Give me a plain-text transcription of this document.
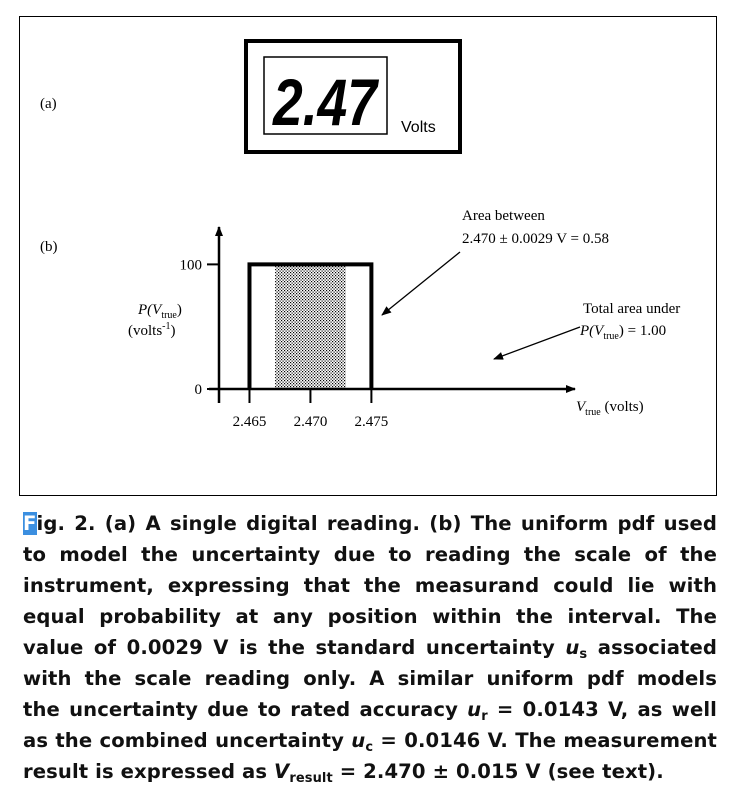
(a)	2.47 Volts
(b)
0
100
2.465 2.470 2.475
$P(V_{true})$
(volts$^{-1}$)
$V_{true}$ (volts)
Area between
2.470 ± 0.0029 V = 0.58
Total area under
$P(V_{true}) = 1.00$
Fig. 2. (a) A single digital reading. (b) The uniform pdf used
to model the uncertainty due to reading the scale of the
instrument, expressing that the measurand could lie with
equal probability at any position within the interval. The
value of 0.0029 V is the standard uncertainty $u_s$ associated
with the scale reading only. A similar uniform pdf models
the uncertainty due to rated accuracy $u_r = 0.0143$ V, as well
as the combined uncertainty $u_c = 0.0146$ V. The measurement
result is expressed as $V_{result} = 2.470 \pm 0.015$ V (see text).
